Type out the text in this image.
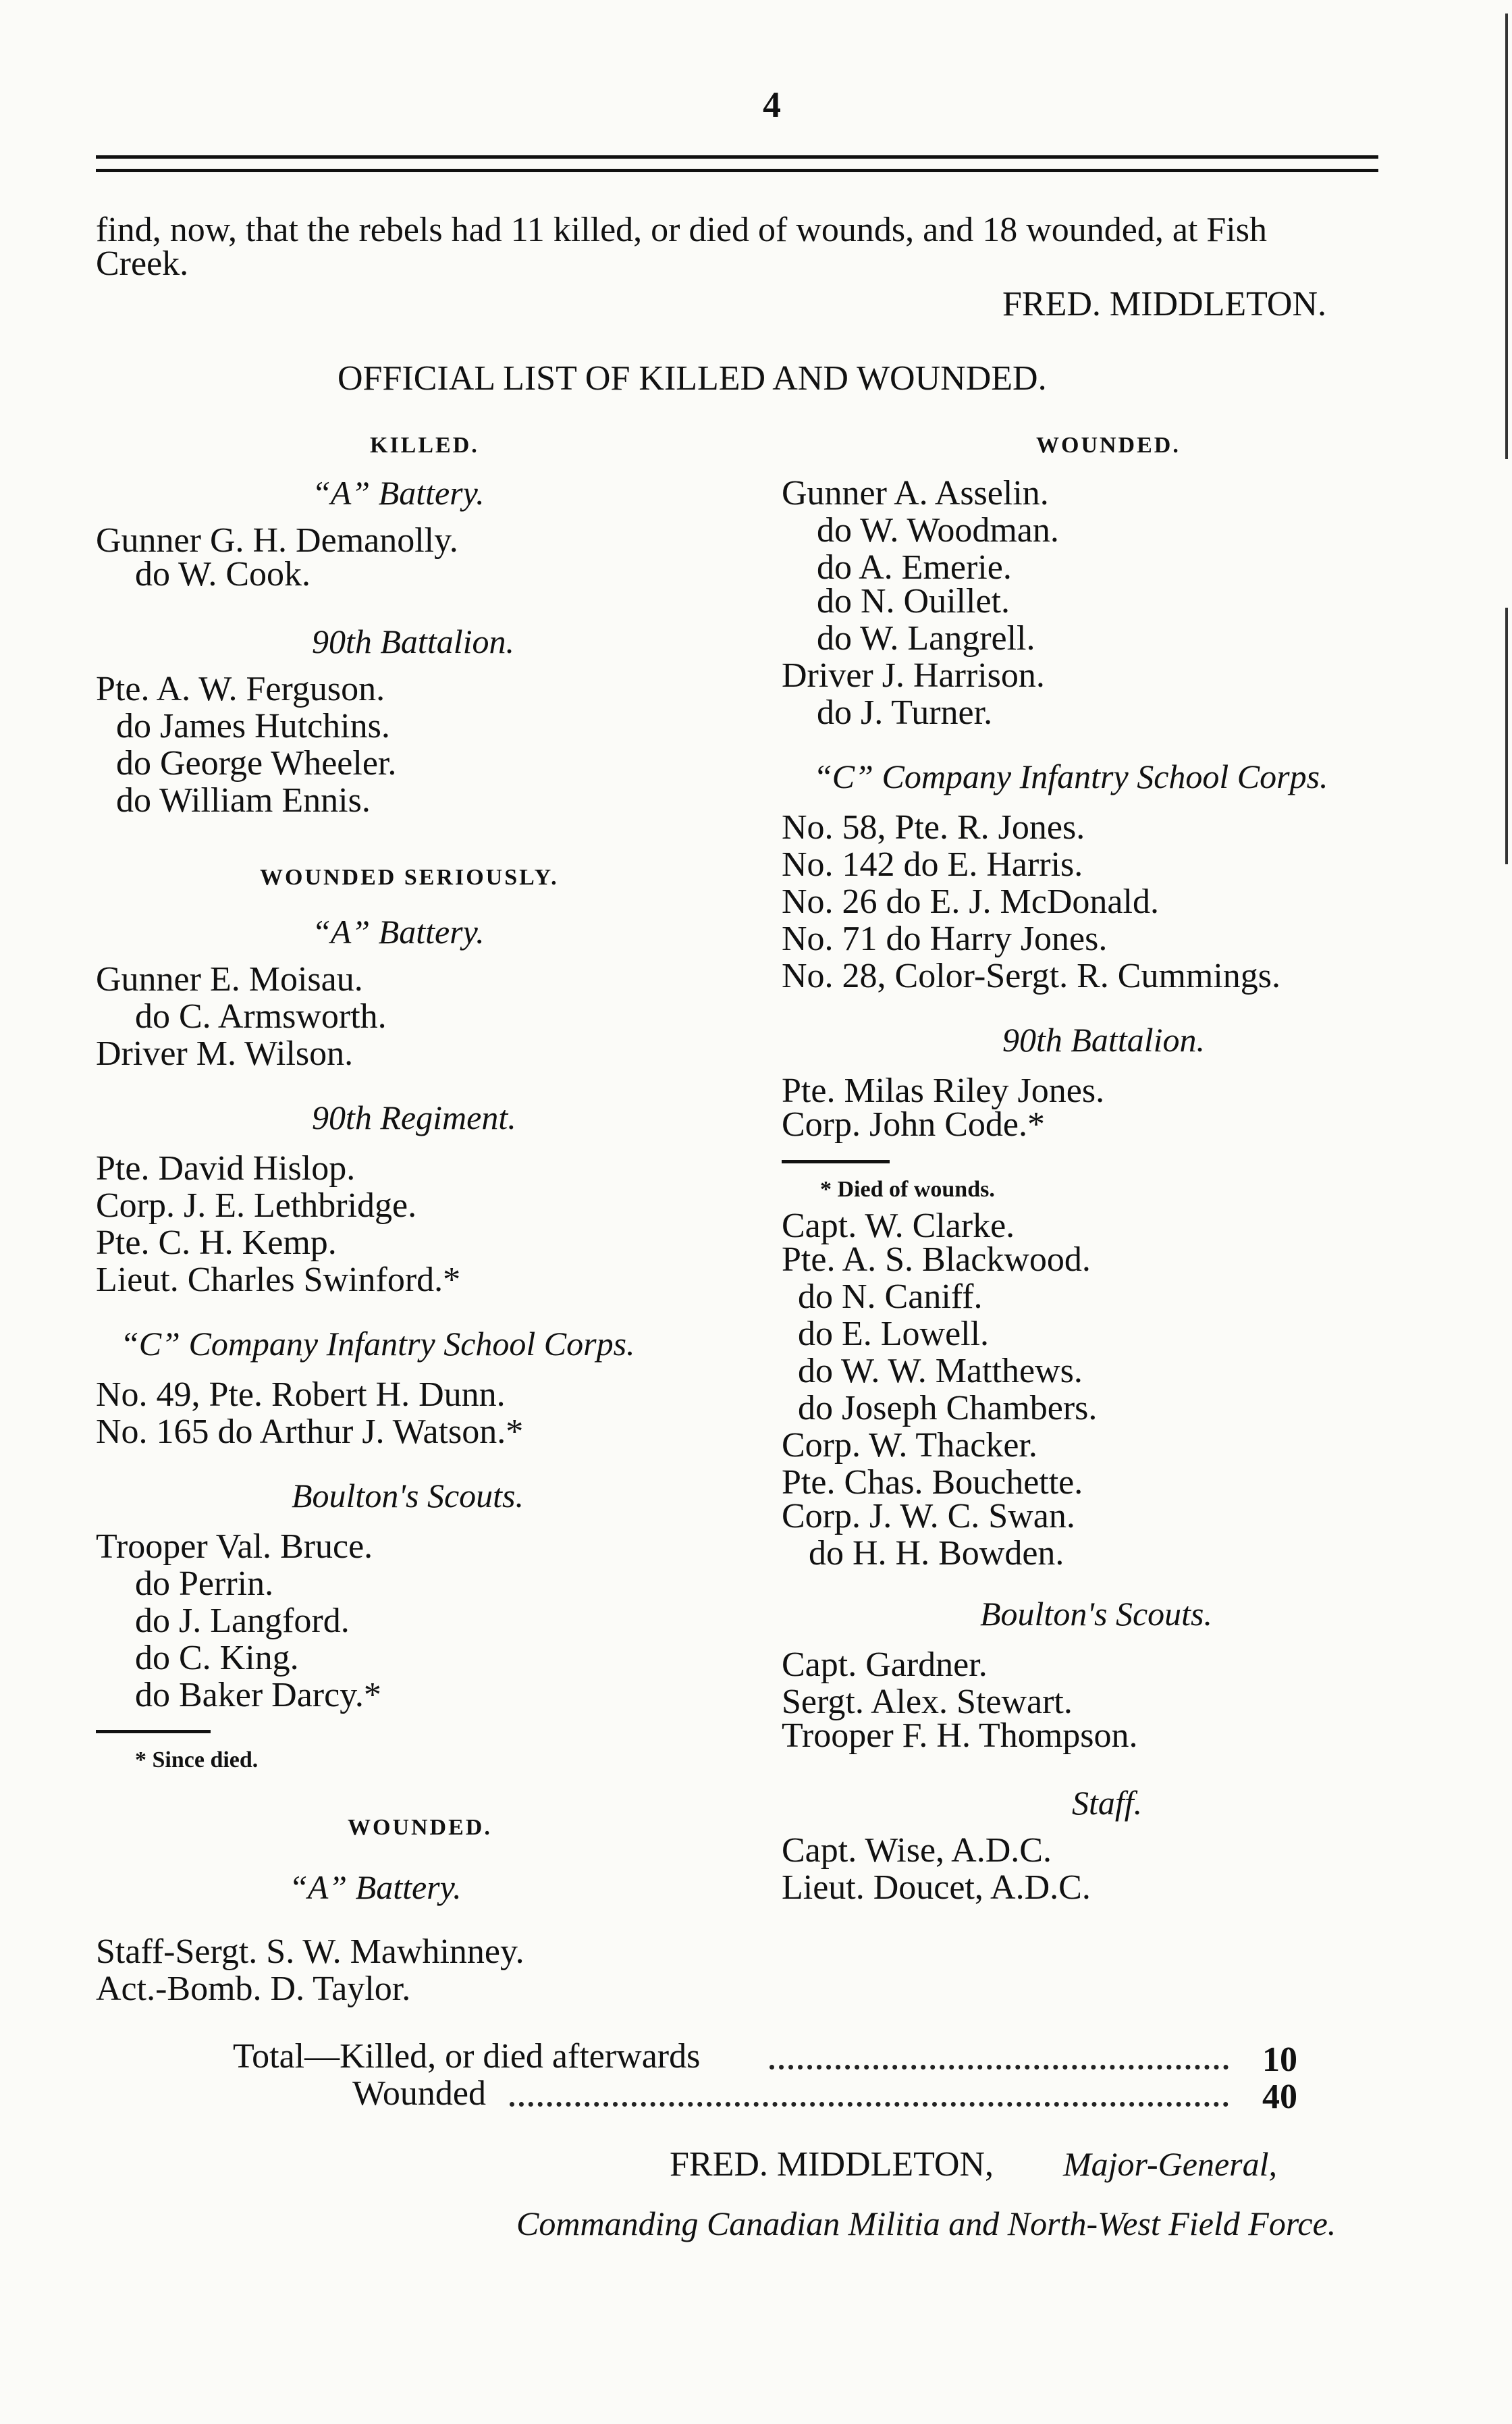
4
find, now, that the rebels had 11 killed, or died of wounds, and 18 wounded, at Fish
Creek.
FRED. MIDDLETON.
OFFICIAL LIST OF KILLED AND WOUNDED.
KILLED.
“A” Battery.
Gunner G. H. Demanolly.
do W. Cook.
90th Battalion.
Pte. A. W. Ferguson.
do James Hutchins.
do George Wheeler.
do William Ennis.
WOUNDED SERIOUSLY.
“A” Battery.
Gunner E. Moisau.
do C. Armsworth.
Driver M. Wilson.
90th Regiment.
Pte. David Hislop.
Corp. J. E. Lethbridge.
Pte. C. H. Kemp.
Lieut. Charles Swinford.*
“C” Company Infantry School Corps.
No. 49, Pte. Robert H. Dunn.
No. 165 do Arthur J. Watson.*
Boulton's Scouts.
Trooper Val. Bruce.
do Perrin.
do J. Langford.
do C. King.
do Baker Darcy.*
* Since died.
WOUNDED.
“A” Battery.
Staff-Sergt. S. W. Mawhinney.
Act.-Bomb. D. Taylor.
WOUNDED.
Gunner A. Asselin.
do W. Woodman.
do A. Emerie.
do N. Ouillet.
do W. Langrell.
Driver J. Harrison.
do J. Turner.
“C” Company Infantry School Corps.
No. 58, Pte. R. Jones.
No. 142 do E. Harris.
No. 26 do E. J. McDonald.
No. 71 do Harry Jones.
No. 28, Color-Sergt. R. Cummings.
90th Battalion.
Pte. Milas Riley Jones.
Corp. John Code.*
* Died of wounds.
Capt. W. Clarke.
Pte. A. S. Blackwood.
do N. Caniff.
do E. Lowell.
do W. W. Matthews.
do Joseph Chambers.
Corp. W. Thacker.
Pte. Chas. Bouchette.
Corp. J. W. C. Swan.
do H. H. Bowden.
Boulton's Scouts.
Capt. Gardner.
Sergt. Alex. Stewart.
Trooper F. H. Thompson.
Staff.
Capt. Wise, A.D.C.
Lieut. Doucet, A.D.C.
Total—Killed, or died afterwards	10
Wounded	40
FRED. MIDDLETON, Major-General,
Commanding Canadian Militia and North-West Field Force.
